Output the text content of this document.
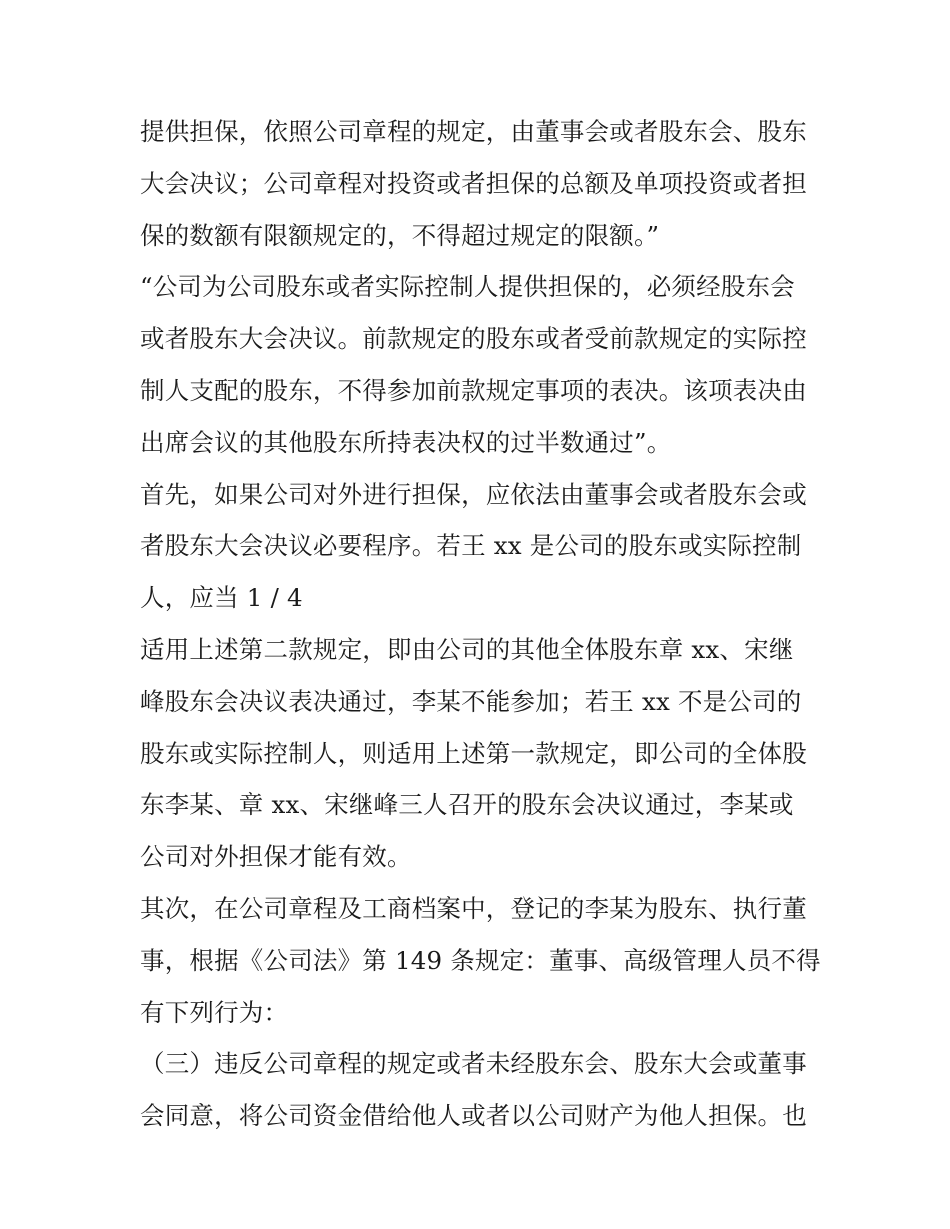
提供担保，依照公司章程的规定，由董事会或者股东会、股东
大会决议；公司章程对投资或者担保的总额及单项投资或者担
保的数额有限额规定的，不得超过规定的限额。”
“公司为公司股东或者实际控制人提供担保的，必须经股东会
或者股东大会决议。前款规定的股东或者受前款规定的实际控
制人支配的股东，不得参加前款规定事项的表决。该项表决由
出席会议的其他股东所持表决权的过半数通过”。
首先，如果公司对外进行担保，应依法由董事会或者股东会或
者股东大会决议必要程序。若王 xx 是公司的股东或实际控制
人，应当 1 / 4
适用上述第二款规定，即由公司的其他全体股东章 xx、宋继
峰股东会决议表决通过，李某不能参加；若王 xx 不是公司的
股东或实际控制人，则适用上述第一款规定，即公司的全体股
东李某、章 xx、宋继峰三人召开的股东会决议通过，李某或
公司对外担保才能有效。
其次，在公司章程及工商档案中，登记的李某为股东、执行董
事，根据《公司法》第 149 条规定：董事、高级管理人员不得
有下列行为：
（三）违反公司章程的规定或者未经股东会、股东大会或董事
会同意，将公司资金借给他人或者以公司财产为他人担保。也
